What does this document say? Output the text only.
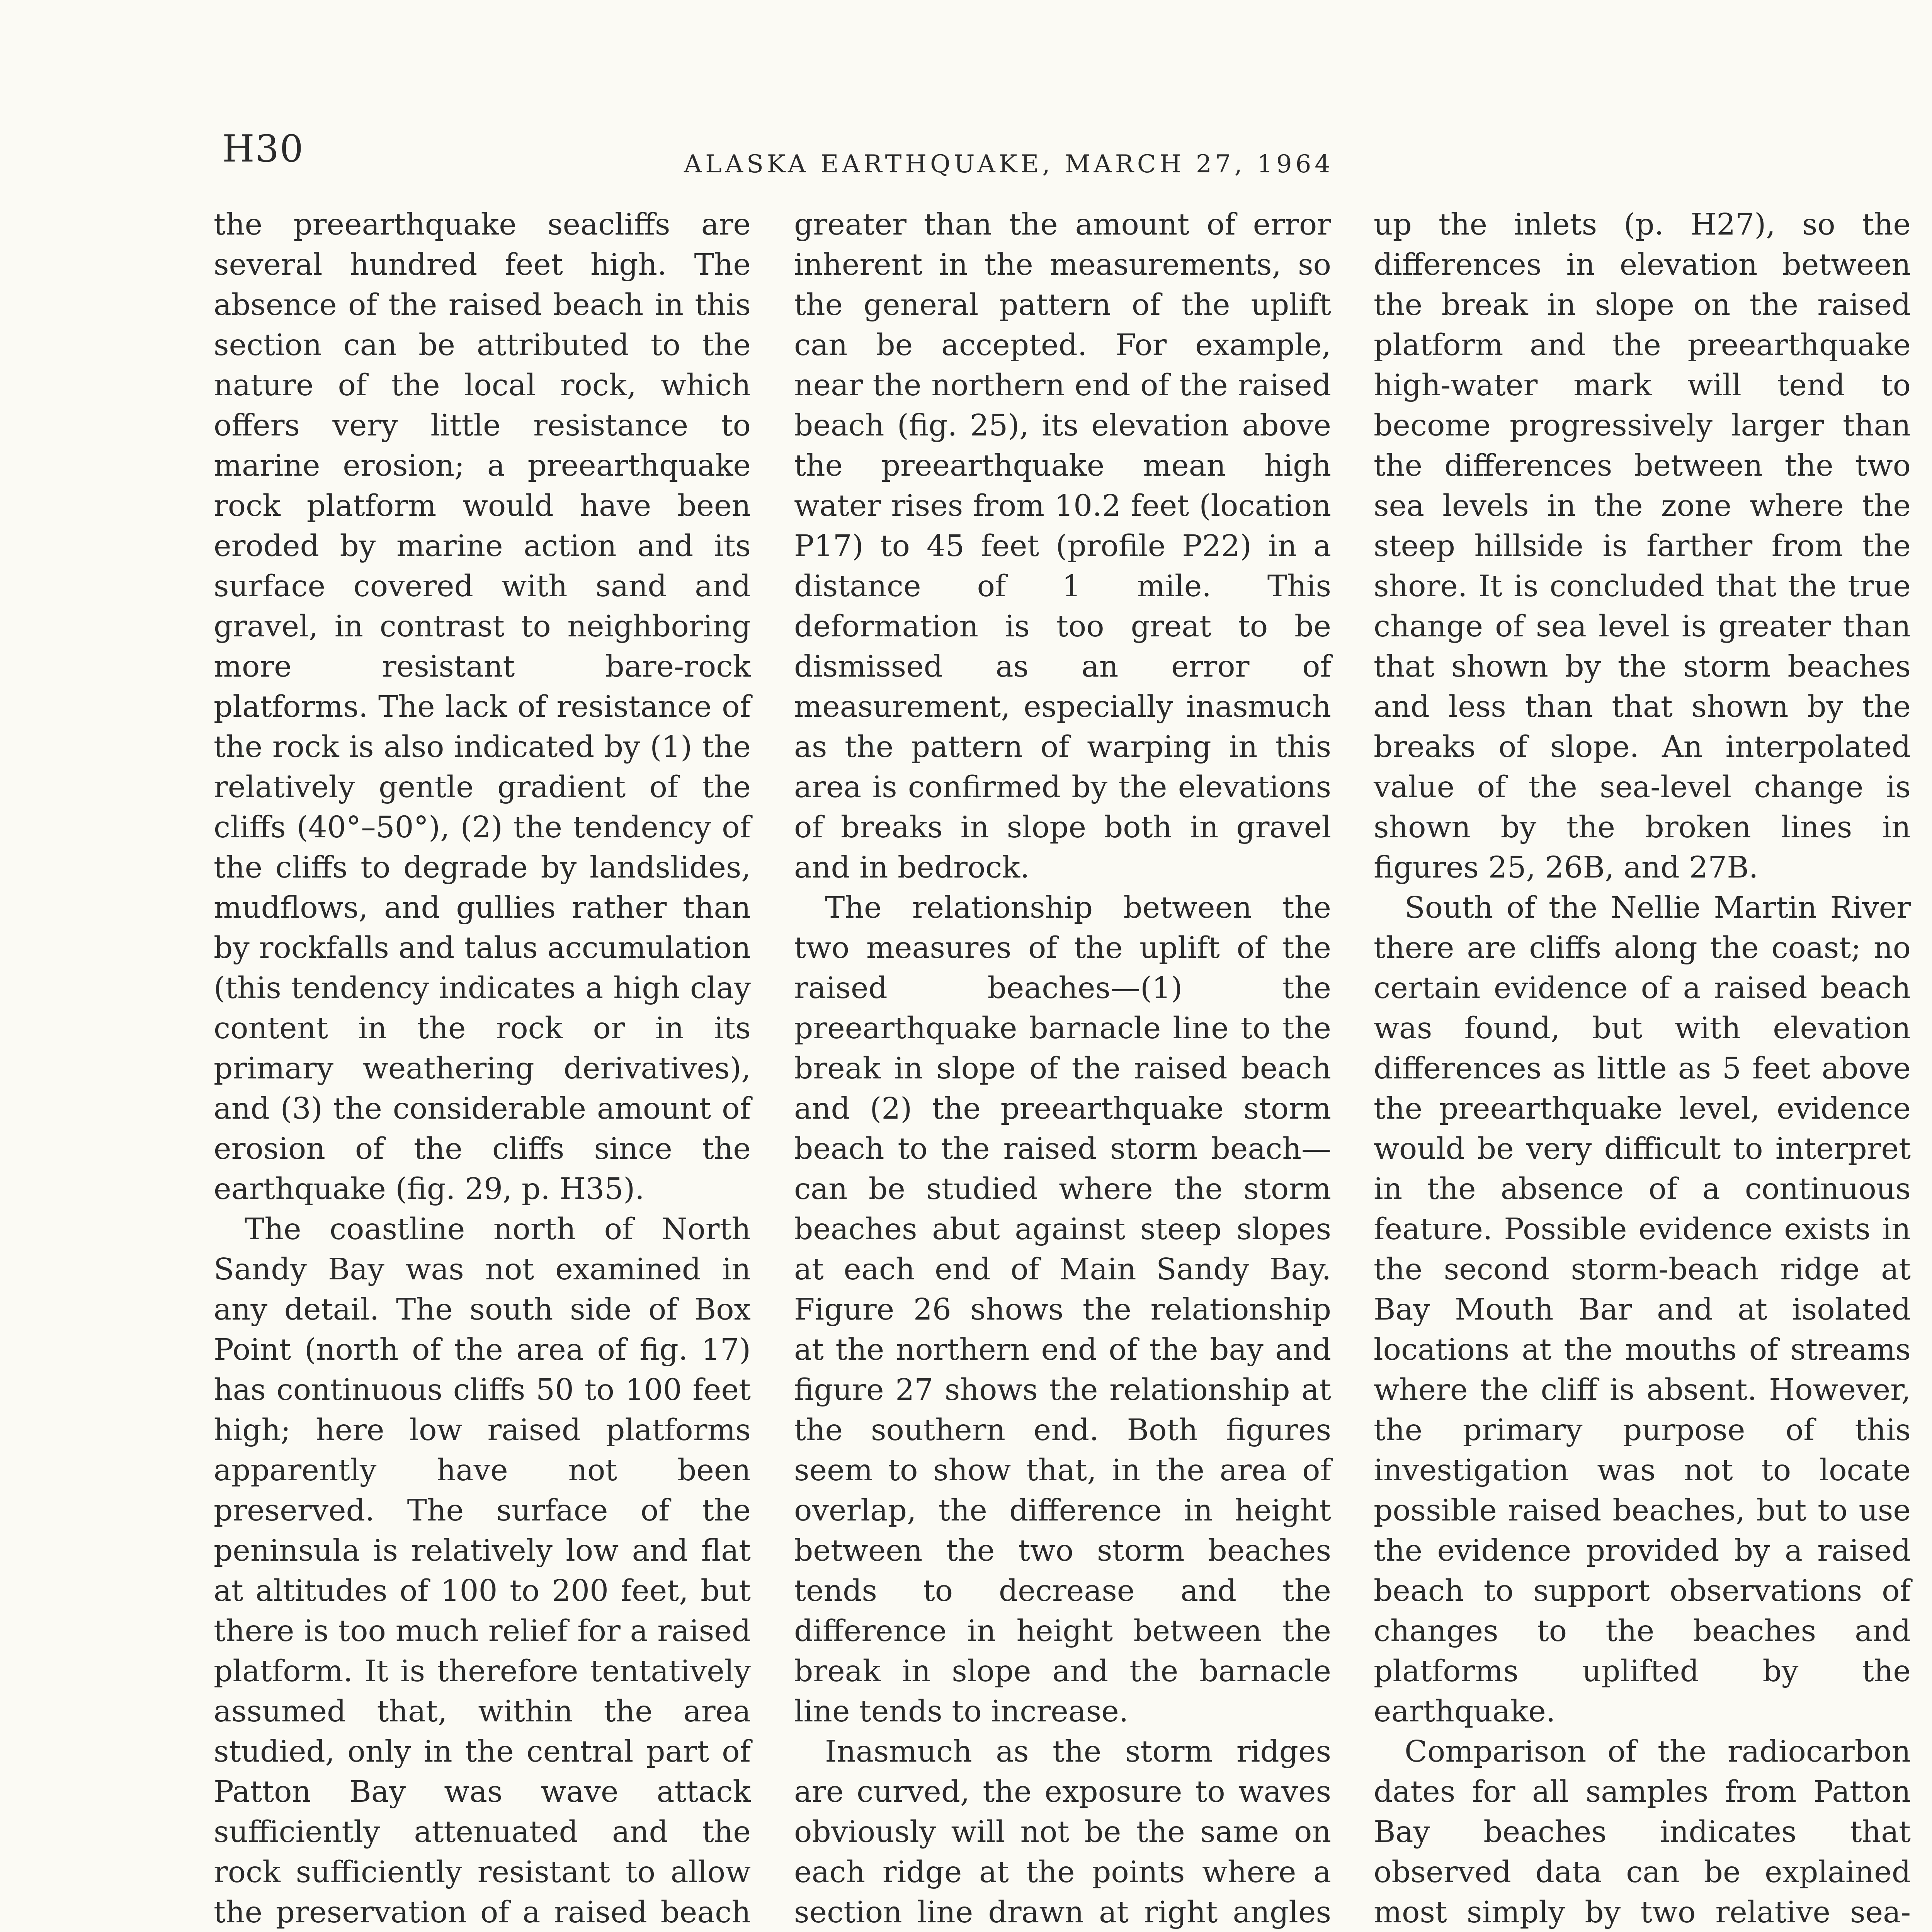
H30	ALASKA EARTHQUAKE, MARCH 27, 1964

the preearthquake seacliffs are several hundred feet high. The absence of the raised beach in this section can be attributed to the nature of the local rock, which offers very little resistance to marine erosion; a preearthquake rock platform would have been eroded by marine action and its surface covered with sand and gravel, in contrast to neighboring more resistant bare-rock platforms. The lack of resistance of the rock is also indicated by (1) the relatively gentle gradient of the cliffs (40°–50°), (2) the tendency of the cliffs to degrade by landslides, mudflows, and gullies rather than by rockfalls and talus accumulation (this tendency indicates a high clay content in the rock or in its primary weathering derivatives), and (3) the considerable amount of erosion of the cliffs since the earthquake (fig. 29, p. H35).

The coastline north of North Sandy Bay was not examined in any detail. The south side of Box Point (north of the area of fig. 17) has continuous cliffs 50 to 100 feet high; here low raised platforms apparently have not been preserved. The surface of the peninsula is relatively low and flat at altitudes of 100 to 200 feet, but there is too much relief for a raised platform. It is therefore tentatively assumed that, within the area studied, only in the central part of Patton Bay was wave attack sufficiently attenuated and the rock sufficiently resistant to allow the preservation of a raised beach

greater than the amount of error inherent in the measurements, so the general pattern of the uplift can be accepted. For example, near the northern end of the raised beach (fig. 25), its elevation above the preearthquake mean high water rises from 10.2 feet (location P17) to 45 feet (profile P22) in a distance of 1 mile. This deformation is too great to be dismissed as an error of measurement, especially inasmuch as the pattern of warping in this area is confirmed by the elevations of breaks in slope both in gravel and in bedrock.

The relationship between the two measures of the uplift of the raised beaches—(1) the preearthquake barnacle line to the break in slope of the raised beach and (2) the preearthquake storm beach to the raised storm beach—can be studied where the storm beaches abut against steep slopes at each end of Main Sandy Bay. Figure 26 shows the relationship at the northern end of the bay and figure 27 shows the relationship at the southern end. Both figures seem to show that, in the area of overlap, the difference in height between the two storm beaches tends to decrease and the difference in height between the break in slope and the barnacle line tends to increase.

Inasmuch as the storm ridges are curved, the exposure to waves obviously will not be the same on each ridge at the points where a section line drawn at right angles

up the inlets (p. H27), so the differences in elevation between the break in slope on the raised platform and the preearthquake high-water mark will tend to become progressively larger than the differences between the two sea levels in the zone where the steep hillside is farther from the shore. It is concluded that the true change of sea level is greater than that shown by the storm beaches and less than that shown by the breaks of slope. An interpolated value of the sea-level change is shown by the broken lines in figures 25, 26B, and 27B.

South of the Nellie Martin River there are cliffs along the coast; no certain evidence of a raised beach was found, but with elevation differences as little as 5 feet above the preearthquake level, evidence would be very difficult to interpret in the absence of a continuous feature. Possible evidence exists in the second storm-beach ridge at Bay Mouth Bar and at isolated locations at the mouths of streams where the cliff is absent. However, the primary purpose of this investigation was not to locate possible raised beaches, but to use the evidence provided by a raised beach to support observations of changes to the beaches and platforms uplifted by the earthquake.

Comparison of the radiocarbon dates for all samples from Patton Bay beaches indicates that observed data can be explained most simply by two relative sea-
